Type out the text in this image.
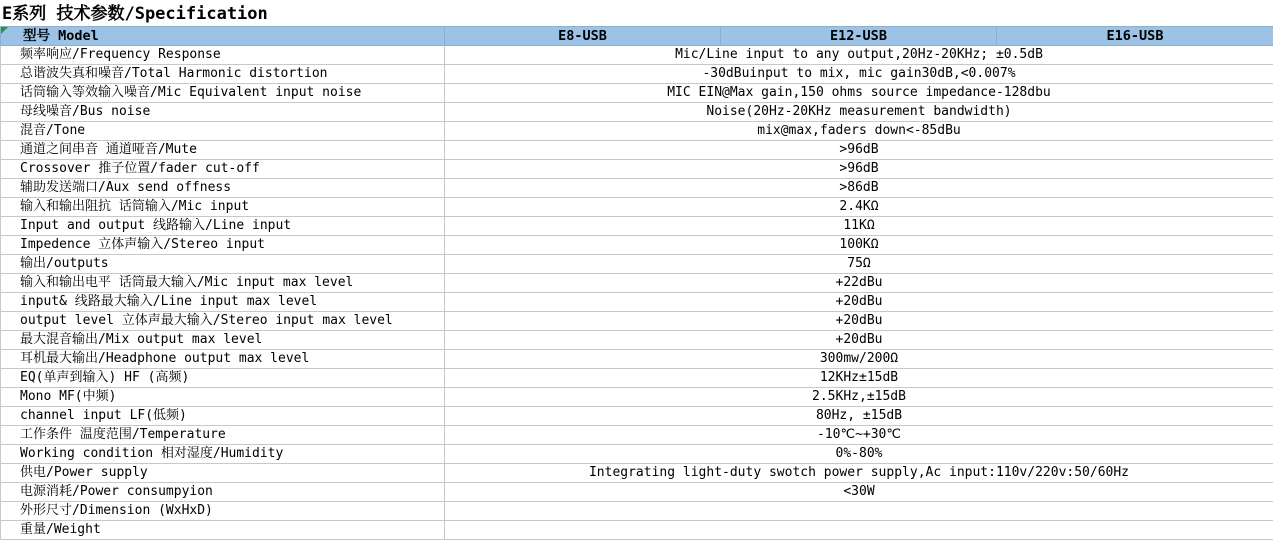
E系列 技术参数/Specification
型号 Model	E8-USB	E12-USB	E16-USB
频率响应/Frequency Response	Mic/Line input to any output,20Hz-20KHz; ±0.5dB		
总谐波失真和噪音/Total Harmonic distortion	-30dBuinput to mix, mic gain30dB,<0.007%		
话筒输入等效输入噪音/Mic Equivalent input noise	MIC EIN@Max gain,150 ohms source impedance-128dbu		
母线噪音/Bus noise	Noise(20Hz-20KHz measurement bandwidth)		
混音/Tone	mix@max,faders down<-85dBu		
通道之间串音 通道哑音/Mute	>96dB		
Crossover 推子位置/fader cut-off	>96dB		
辅助发送端口/Aux send offness	>86dB		
输入和输出阻抗 话筒输入/Mic input	2.4KΩ		
Input and output 线路输入/Line input	11KΩ		
Impedence 立体声输入/Stereo input	100KΩ		
输出/outputs	75Ω		
输入和输出电平 话筒最大输入/Mic input max level	+22dBu		
input& 线路最大输入/Line input max level	+20dBu		
output level 立体声最大输入/Stereo input max level	+20dBu		
最大混音输出/Mix output max level	+20dBu		
耳机最大输出/Headphone output max level	300mw/200Ω		
EQ(单声到输入) HF (高频)	12KHz±15dB		
Mono MF(中频)	2.5KHz,±15dB		
channel input LF(低频)	80Hz, ±15dB		
工作条件 温度范围/Temperature	-10℃~+30℃		
Working condition 相对湿度/Humidity	0%-80%		
供电/Power supply	Integrating light-duty swotch power supply,Ac input:110v/220v:50/60Hz		
电源消耗/Power consumpyion	<30W		
外形尺寸/Dimension (WxHxD)			
重量/Weight			
